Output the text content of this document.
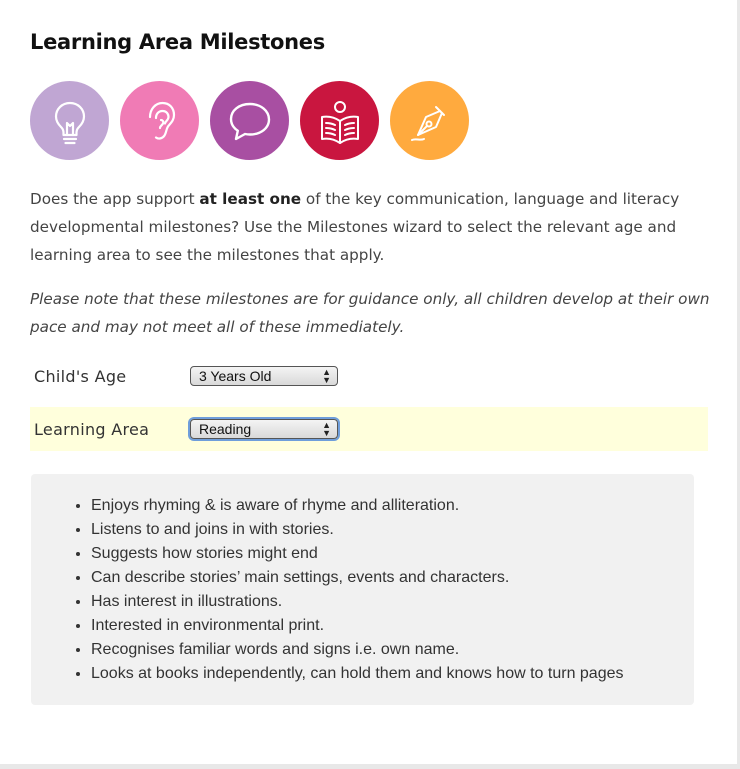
Learning Area Milestones
Does the app support at least one of the key communication, language and literacy developmental milestones? Use the Milestones wizard to select the relevant age and learning area to see the milestones that apply.
Please note that these milestones are for guidance only, all children develop at their own pace and may not meet all of these immediately.
Child's Age	3 Years Old	▲
▼
Learning Area	Reading	▲
▼
• Enjoys rhyming & is aware of rhyme and alliteration.
• Listens to and joins in with stories.
• Suggests how stories might end
• Can describe stories’ main settings, events and characters.
• Has interest in illustrations.
• Interested in environmental print.
• Recognises familiar words and signs i.e. own name.
• Looks at books independently, can hold them and knows how to turn pages
